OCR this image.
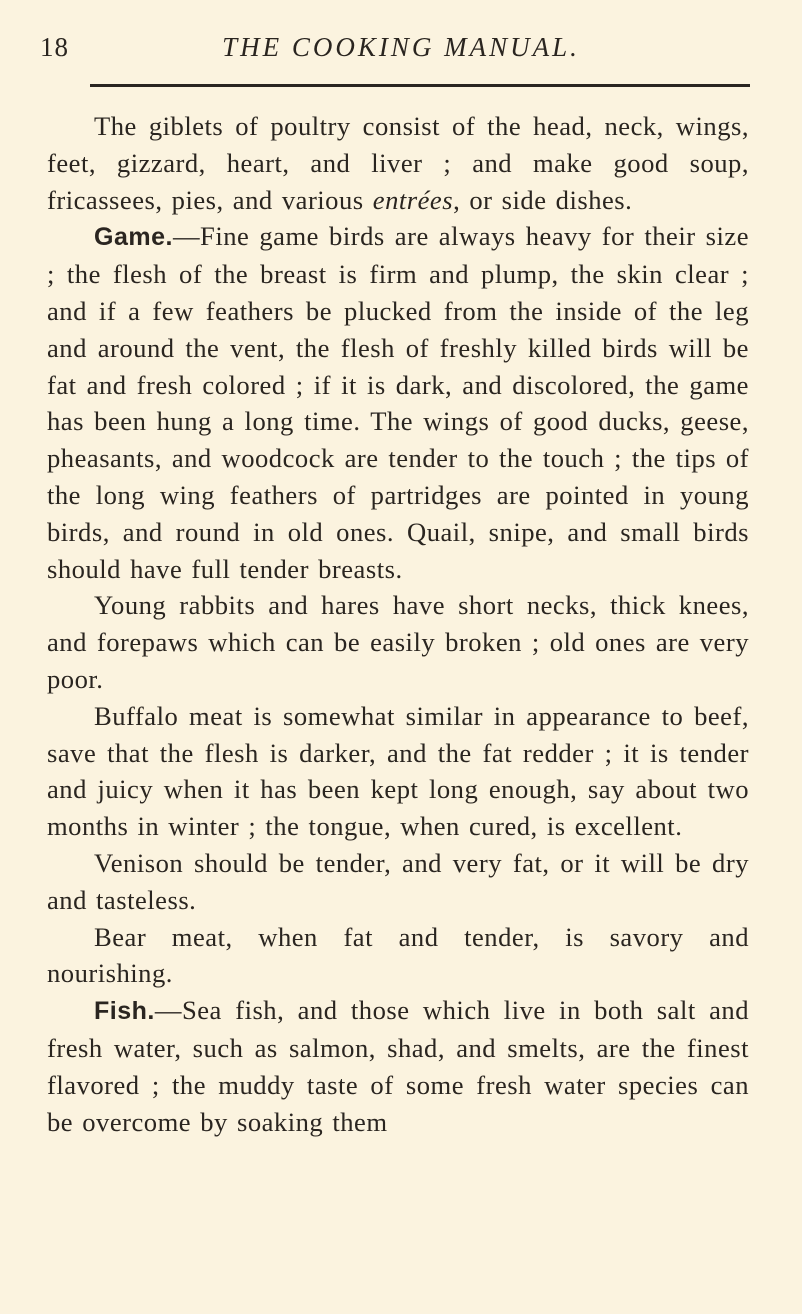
18	THE COOKING MANUAL.

The giblets of poultry consist of the head, neck, wings, feet, gizzard, heart, and liver ; and make good soup, fricassees, pies, and various entrées, or side dishes.

Game.—Fine game birds are always heavy for their size ; the flesh of the breast is firm and plump, the skin clear ; and if a few feathers be plucked from the inside of the leg and around the vent, the flesh of freshly killed birds will be fat and fresh colored ; if it is dark, and discolored, the game has been hung a long time. The wings of good ducks, geese, pheasants, and woodcock are tender to the touch ; the tips of the long wing feathers of partridges are pointed in young birds, and round in old ones. Quail, snipe, and small birds should have full tender breasts.

Young rabbits and hares have short necks, thick knees, and forepaws which can be easily broken ; old ones are very poor.

Buffalo meat is somewhat similar in appearance to beef, save that the flesh is darker, and the fat redder ; it is tender and juicy when it has been kept long enough, say about two months in winter ; the tongue, when cured, is excellent.

Venison should be tender, and very fat, or it will be dry and tasteless.

Bear meat, when fat and tender, is savory and nourishing.

Fish.—Sea fish, and those which live in both salt and fresh water, such as salmon, shad, and smelts, are the finest flavored ; the muddy taste of some fresh water species can be overcome by soaking them
